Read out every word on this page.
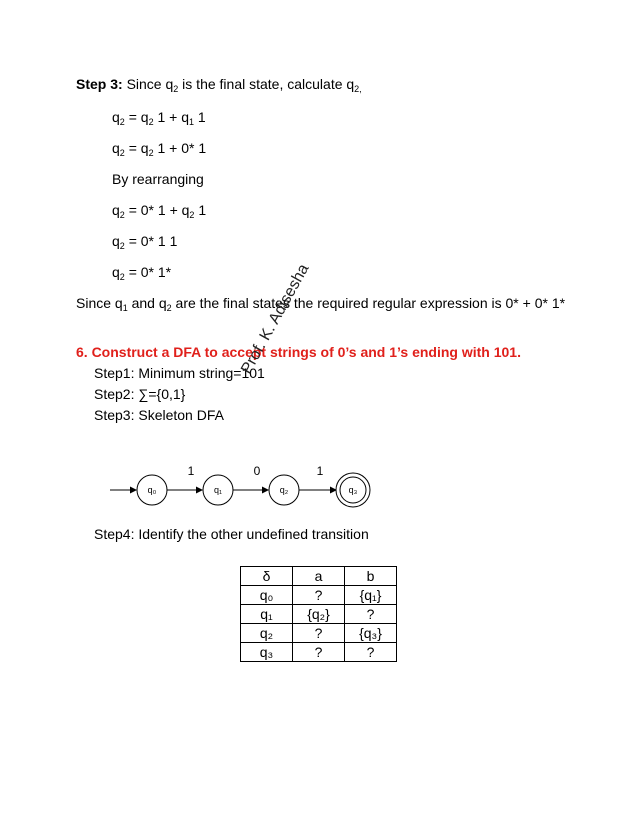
Step 3: Since $q_2$ is the final state, calculate $q_{2,}$
$q_2 = q_2$ $1 + q_1$ 1
$q_2 = q_2$ 1 + 0* 1
By rearranging
$q_2 = 0*$ $1 + q_2$ 1
$q_2 = 0*$ 1 1
$q_2 = 0*$ 1*
Since $q_1$ and $q_2$ are the final states the required regular expression is 0* + 0* 1*
6. Construct a DFA to accept strings of 0’s and 1’s ending with 101.
Step1: Minimum string=101
Step2: ∑={0,1}
Step3: Skeleton DFA
Prof. K. Adisesha
q₀
1
q₁
0
q₂
1
q₃
Step4: Identify the other undefined transition
δ	a	b
q₀	?	{q₁}
q₁	{q₂}	?
q₂	?	{q₃}
q₃	?	?
